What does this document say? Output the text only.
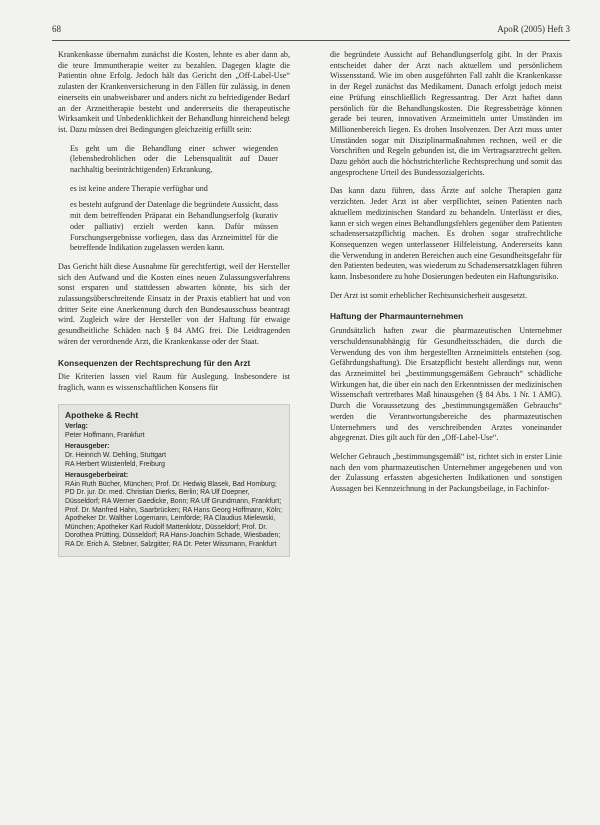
68	ApoR (2005) Heft 3

Krankenkasse übernahm zunächst die Kosten, lehnte es aber dann ab, die teure Immuntherapie weiter zu bezahlen. Dagegen klagte die Patientin ohne Erfolg. Jedoch hält das Gericht den „Off-Label-Use“ zulasten der Krankenversicherung in den Fällen für zulässig, in denen einerseits ein unabweisbarer und anders nicht zu befriedigender Bedarf an der Arzneitherapie besteht und andererseits die therapeutische Wirksamkeit und Unbedenklichkeit der Behandlung hinreichend belegt ist. Dazu müssen drei Bedingungen gleichzeitig erfüllt sein:

Es geht um die Behandlung einer schwer wiegenden (lebensbedrohlichen oder die Lebensqualität auf Dauer nachhaltig beeinträchtigenden) Erkrankung,

es ist keine andere Therapie verfügbar und

es besteht aufgrund der Datenlage die begründete Aussicht, dass mit dem betreffenden Präparat ein Behandlungserfolg (kurativ oder palliativ) erzielt werden kann. Dafür müssen Forschungsergebnisse vorliegen, dass das Arzneimittel für die betreffende Indikation zugelassen werden kann.

Das Gericht hält diese Ausnahme für gerechtfertigt, weil der Hersteller sich den Aufwand und die Kosten eines neuen Zulassungsverfahrens sonst ersparen und stattdessen abwarten könnte, bis sich der zulassungsüberschreitende Einsatz in der Praxis etabliert hat und von dritter Seite eine Anerkennung durch den Bundesausschuss beantragt wird. Zugleich wäre der Hersteller von der Haftung für etwaige gesundheitliche Schäden nach § 84 AMG frei. Die Leidtragenden wären der verordnende Arzt, die Krankenkasse oder der Staat.

Konsequenzen der Rechtsprechung für den Arzt

Die Kriterien lassen viel Raum für Auslegung. Insbesondere ist fraglich, wann es wissenschaftlichen Konsens für

Apotheke & Recht
Verlag:
Peter Hoffmann, Frankfurt
Herausgeber:
Dr. Heinrich W. Dehling, Stuttgart
RA Herbert Wüstenfeld, Freiburg
Herausgeberbeirat:
RAin Ruth Bücher, München; Prof. Dr. Hedwig Blasek, Bad Homburg; PD Dr. jur. Dr. med. Christian Dierks, Berlin; RA Ulf Doepner, Düsseldorf; RA Werner Gaedicke, Bonn; RA Ulf Grundmann, Frankfurt; Prof. Dr. Manfred Hahn, Saarbrücken; RA Hans Georg Hoffmann, Köln; Apotheker Dr. Walther Logemann, Lemförde; RA Claudius Mielewski, München; Apotheker Karl Rudolf Mattenklotz, Düsseldorf; Prof. Dr. Dorothea Prütting, Düsseldorf; RA Hans-Joachim Schade, Wiesbaden; RA Dr. Erich A. Stebner, Salzgitter; RA Dr. Peter Wissmann, Frankfurt

die begründete Aussicht auf Behandlungserfolg gibt. In der Praxis entscheidet daher der Arzt nach aktuellem und persönlichem Wissensstand. Wie im oben ausgeführten Fall zahlt die Krankenkasse in der Regel zunächst das Medikament. Danach erfolgt jedoch meist eine Prüfung einschließlich Regressantrag. Der Arzt haftet dann persönlich für die Behandlungskosten. Die Regressbeträge können gerade bei teuren, innovativen Arzneimitteln unter Umständen im Millionenbereich liegen. Es drohen Insolvenzen. Der Arzt muss unter Umständen sogar mit Disziplinarmaßnahmen rechnen, weil er die Vorschriften und Regeln gebunden ist, die im Vertragsarztrecht gelten. Dazu gehört auch die höchstrichterliche Rechtsprechung und somit das angesprochene Urteil des Bundessozialgerichts.

Das kann dazu führen, dass Ärzte auf solche Therapien ganz verzichten. Jeder Arzt ist aber verpflichtet, seinen Patienten nach aktuellem medizinischen Standard zu behandeln. Unterlässt er dies, kann er sich wegen eines Behandlungsfehlers gegenüber dem Patienten schadensersatzpflichtig machen. Es drohen sogar strafrechtliche Konsequenzen wegen unterlassener Hilfeleistung. Andererseits kann die Verwendung in anderen Bereichen auch eine Gesundheitsgefahr für den Patienten bedeuten, was wiederum zu Schadensersatzklagen führen kann. Insbesondere zu hohe Dosierungen bedeuten ein Haftungsrisiko.

Der Arzt ist somit erheblicher Rechtsunsicherheit ausgesetzt.

Haftung der Pharmaunternehmen

Grundsätzlich haften zwar die pharmazeutischen Unternehmer verschuldensunabhängig für Gesundheitsschäden, die durch die Verwendung des von ihm hergestellten Arzneimittels entstehen (sog. Gefährdungshaftung). Die Ersatzpflicht besteht allerdings nur, wenn das Arzneimittel bei „bestimmungsgemäßem Gebrauch“ schädliche Wirkungen hat, die über ein nach den Erkenntnissen der medizinischen Wissenschaft vertretbares Maß hinausgehen (§ 84 Abs. 1 Nr. 1 AMG). Durch die Voraussetzung des „bestimmungsgemäßen Gebrauchs“ werden die Verantwortungsbereiche des pharmazeutischen Unternehmers und des verschreibenden Arztes voneinander abgegrenzt. Dies gilt auch für den „Off-Label-Use“.

Welcher Gebrauch „bestimmungsgemäß“ ist, richtet sich in erster Linie nach den vom pharmazeutischen Unternehmer angegebenen und von der Zulassung erfassten abgesicherten Indikationen und sonstigen Aussagen bei Kennzeichnung in der Packungsbeilage, in Fachinfor-
